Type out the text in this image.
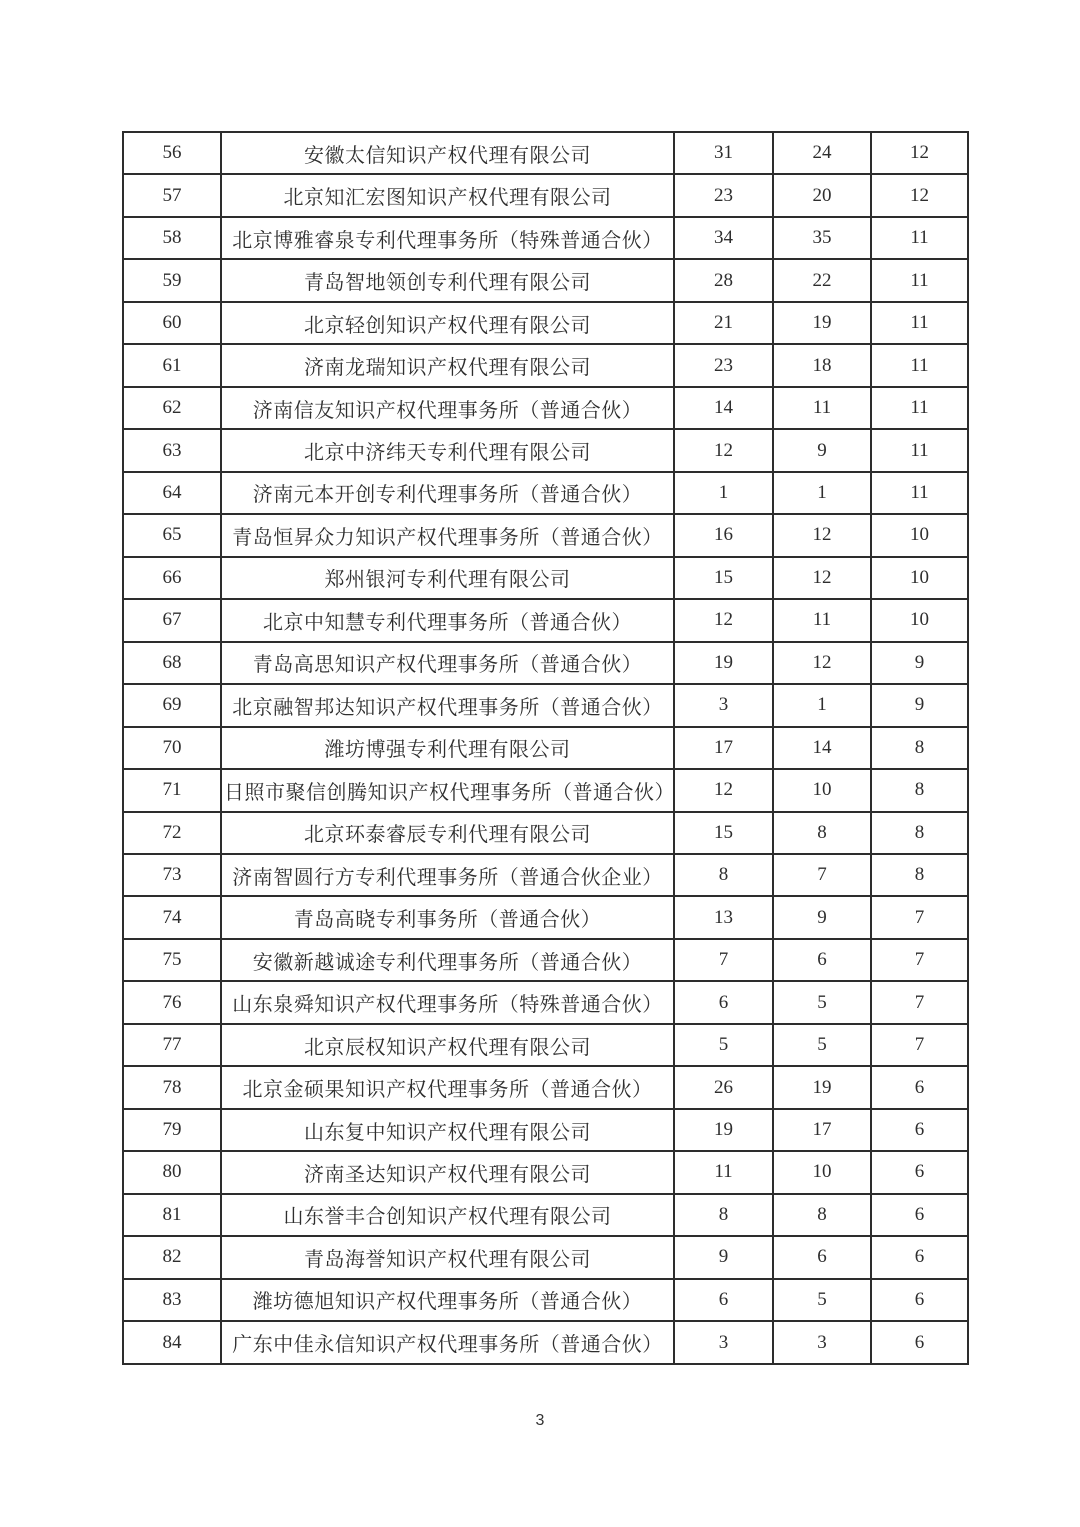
56	安徽太信知识产权代理有限公司	31	24	12
57	北京知汇宏图知识产权代理有限公司	23	20	12
58	北京博雅睿泉专利代理事务所（特殊普通合伙）	34	35	11
59	青岛智地领创专利代理有限公司	28	22	11
60	北京轻创知识产权代理有限公司	21	19	11
61	济南龙瑞知识产权代理有限公司	23	18	11
62	济南信友知识产权代理事务所（普通合伙）	14	11	11
63	北京中济纬天专利代理有限公司	12	9	11
64	济南元本开创专利代理事务所（普通合伙）	1	1	11
65	青岛恒昇众力知识产权代理事务所（普通合伙）	16	12	10
66	郑州银河专利代理有限公司	15	12	10
67	北京中知慧专利代理事务所（普通合伙）	12	11	10
68	青岛高思知识产权代理事务所（普通合伙）	19	12	9
69	北京融智邦达知识产权代理事务所（普通合伙）	3	1	9
70	潍坊博强专利代理有限公司	17	14	8
71	日照市聚信创腾知识产权代理事务所（普通合伙）	12	10	8
72	北京环泰睿辰专利代理有限公司	15	8	8
73	济南智圆行方专利代理事务所（普通合伙企业）	8	7	8
74	青岛高晓专利事务所（普通合伙）	13	9	7
75	安徽新越诚途专利代理事务所（普通合伙）	7	6	7
76	山东泉舜知识产权代理事务所（特殊普通合伙）	6	5	7
77	北京辰权知识产权代理有限公司	5	5	7
78	北京金硕果知识产权代理事务所（普通合伙）	26	19	6
79	山东复中知识产权代理有限公司	19	17	6
80	济南圣达知识产权代理有限公司	11	10	6
81	山东誉丰合创知识产权代理有限公司	8	8	6
82	青岛海誉知识产权代理有限公司	9	6	6
83	潍坊德旭知识产权代理事务所（普通合伙）	6	5	6
84	广东中佳永信知识产权代理事务所（普通合伙）	3	3	6
3
